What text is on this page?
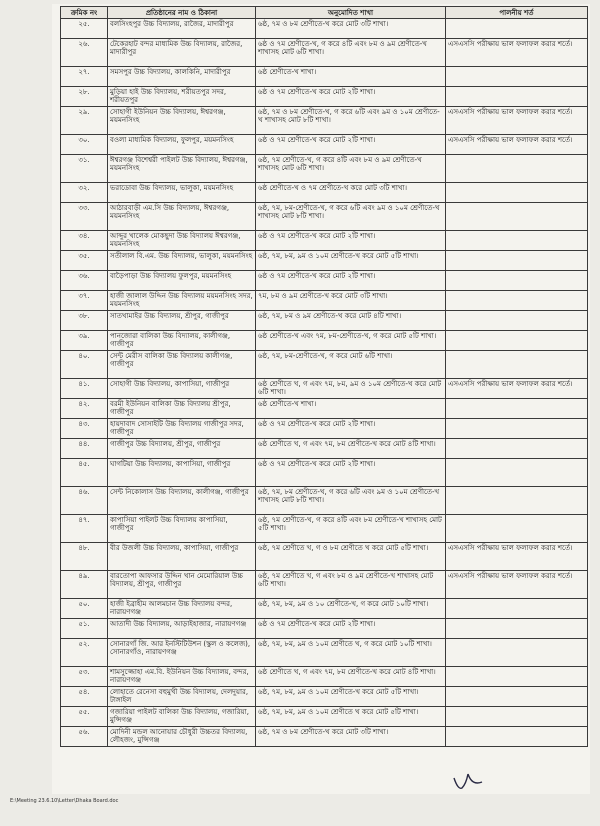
ক্রমিক নং	প্রতিষ্ঠানের নাম ও ঠিকানা	অনুমোদিত শাখা	পালনীয় শর্ত
২৫.	বলসিংহপুর উচ্চ বিদ্যালয়, রাজৈর, মাদারীপুর	৬ষ্ঠ, ৭ম ও ৮ম শ্রেণীতে-খ করে মোট ৩টি শাখা।	
২৬.	টেকেরহাট বন্দর মাধ্যমিক উচ্চ বিদ্যালয়, রাজৈর, মাদারীপুর	৬ষ্ঠ ও ৭ম শ্রেণীতে-খ, গ করে ৪টি এবং ৮ম ও ৯ম শ্রেণীতে-খ শাখাসহ মোট ৬টি শাখা।	এসএসসি পরীক্ষায় ভাল ফলাফল করার শর্তে।
২৭.	সমসপুর উচ্চ বিদ্যালয়, কালকিনি, মাদারীপুর	৬ষ্ঠ শ্রেণীতে-খ শাখা।	
২৮.	মুড়িয়া হাই উচ্চ বিদ্যালয়, শরীয়তপুর সদর, শরীয়তপুর	৬ষ্ঠ ও ৭ম শ্রেণীতে-খ করে মোট ২টি শাখা।	
২৯.	সোহাগী ইউনিয়ন উচ্চ বিদ্যালয়, ঈশ্বরগঞ্জ, ময়মনসিংহ	৬ষ্ঠ, ৭ম ও ৮ম শ্রেণীতে-খ, গ করে ৬টি এবং ৯ম ও ১০ম শ্রেণীতে-খ শাখাসহ মোট ৮টি শাখা।	এসএসসি পরীক্ষায় ভাল ফলাফল করার শর্তে।
৩০.	বওলা মাধ্যমিক বিদ্যালয়, ফুলপুর, ময়মনসিংহ	৬ষ্ঠ ও ৭ম শ্রেণীতে-খ করে মোট ২টি শাখা।	এসএসসি পরীক্ষায় ভাল ফলাফল করার শর্তে।
৩১.	ঈশ্বরগঞ্জ বিশেশ্বরী পাইলট উচ্চ বিদ্যালয়, ঈশ্বরগঞ্জ, ময়মনসিংহ	৬ষ্ঠ, ৭ম শ্রেণীতে-খ, গ করে ৪টি এবং ৮ম ও ৯ম শ্রেণীতে-খ শাখাসহ মোট ৬টি শাখা।	
৩২.	ভরাডোবা উচ্চ বিদ্যালয়, ভালুকা, ময়মনসিংহ	৬ষ্ঠ শ্রেণীতে-খ ও ৭ম শ্রেণীতে-খ করে মোট ৩টি শাখা।	
৩৩.	আঠারবাড়ী এম.সি উচ্চ বিদ্যালয়, ঈশ্বরগঞ্জ, ময়মনসিংহ	৬ষ্ঠ, ৭ম, ৮ম-শ্রেণীতে-খ, গ করে ৬টি এবং ৯ম ও ১০ম শ্রেণীতে-খ শাখাসহ মোট ৮টি শাখা।	
৩৪.	আব্দুর খালেক মোকছুদা উচ্চ বিদ্যালয় ঈশ্বরগঞ্জ, ময়মনসিংহ	৬ষ্ঠ ও ৭ম শ্রেণীতে-খ করে মোট ২টি শাখা।	
৩৫.	সতীলাল বি.এম. উচ্চ বিদ্যালয়, ভালুকা, ময়মনসিংহ	৬ষ্ঠ, ৭ম, ৮ম, ৯ম ও ১০ম শ্রেণীতে-খ করে মোট ৫টি শাখা।	
৩৬.	বাড়ৈপাড়া উচ্চ বিদ্যালয় ফুলপুর, ময়মনসিংহ	৬ষ্ঠ ও ৭ম শ্রেণীতে-খ করে মোট ২টি শাখা।	
৩৭.	হাজী জালাল উদ্দিন উচ্চ বিদ্যালয় ময়মনসিংহ সদর, ময়মনসিংহ	৭ম, ৮ম ও ৯ম শ্রেণীতে-খ করে মোট ৩টি শাখা।	
৩৮.	সাতখামাইর উচ্চ বিদ্যালয়, শ্রীপুর, গাজীপুর	৬ষ্ঠ, ৭ম, ৮ম ও ৯ম শ্রেণীতে-খ করে মোট ৪টি শাখা।	
৩৯.	পানজোরা বালিকা উচ্চ বিদ্যালয়, কালীগঞ্জ, গাজীপুর	৬ষ্ঠ শ্রেণীতে-খ এবং ৭ম, ৮ম-শ্রেণীতে-খ, গ করে মোট ৫টি শাখা।	
৪০.	সেন্ট মেরীস বালিকা উচ্চ বিদ্যালয় কালীগঞ্জ, গাজীপুর	৬ষ্ঠ, ৭ম, ৮ম-শ্রেণীতে-খ, গ করে মোট ৬টি শাখা।	
৪১.	সোহাগী উচ্চ বিদ্যালয়, কাপাসিয়া, গাজীপুর	৬ষ্ঠ শ্রেণীতে খ, গ এবং ৭ম, ৮ম, ৯ম ও ১০ম শ্রেণীতে-খ করে মোট ৬টি শাখা।	এসএসসি পরীক্ষায় ভাল ফলাফল করার শর্তে।
৪২.	বরমী ইউনিয়ন বালিকা উচ্চ বিদ্যালয় শ্রীপুর, গাজীপুর	৬ষ্ঠ শ্রেণীতে-খ শাখা।	
৪৩.	হায়দাবাদ সোসাইটি উচ্চ বিদ্যালয় গাজীপুর সদর, গাজীপুর	৬ষ্ঠ ও ৭ম শ্রেণীতে-খ করে মোট ২টি শাখা।	
৪৪.	গাজীপুর উচ্চ বিদ্যালয়, শ্রীপুর, গাজীপুর	৬ষ্ঠ শ্রেণীতে খ, গ এবং ৭ম, ৮ম শ্রেণীতে-খ করে মোট ৪টি শাখা।	
৪৫.	ঘাগটিয়া উচ্চ বিদ্যালয়, কাপাসিয়া, গাজীপুর	৬ষ্ঠ ও ৭ম শ্রেণীতে-খ করে মোট ২টি শাখা।	
৪৬.	সেন্ট নিকোলাস উচ্চ বিদ্যালয়, কালীগঞ্জ, গাজীপুর	৬ষ্ঠ, ৭ম, ৮ম শ্রেণীতে-খ, গ করে ৬টি এবং ৯ম ও ১০ম শ্রেণীতে-খ শাখাসহ মোট ৮টি শাখা।	
৪৭.	কাপাসিয়া পাইলট উচ্চ বিদ্যালয় কাপাসিয়া, গাজীপুর	৬ষ্ঠ, ৭ম শ্রেণীতে-খ, গ করে ৪টি এবং ৮ম শ্রেণীতে-খ শাখাসহ মোট ৫টি শাখা।	
৪৮.	বীর উজলী উচ্চ বিদ্যালয়, কাপাসিয়া, গাজীপুর	৬ষ্ঠ, ৭ম শ্রেণীতে খ, গ ও ৮ম শ্রেণীতে খ করে মোট ৫টি শাখা।	এসএসসি পরীক্ষায় ভাল ফলাফল করার শর্তে।
৪৯.	বারতোপা আফসার উদ্দিন খান মেমোরিয়াল উচ্চ বিদ্যালয়, শ্রীপুর, গাজীপুর	৬ষ্ঠ, ৭ম শ্রেণীতে খ, গ এবং ৮ম ও ৯ম শ্রেণীতে-খ শাখাসহ মোট ৬টি শাখা।	এসএসসি পরীক্ষায় ভাল ফলাফল করার শর্তে।
৫০.	হাজী ইব্রাহীম আলমচান উচ্চ বিদ্যালয় বন্দর, নারায়ণগঞ্জ	৬ষ্ঠ, ৭ম, ৮ম, ৯ম ও ১০ শ্রেণীতে-খ, গ করে মোট ১০টি শাখা।	
৫১.	আতাদী উচ্চ বিদ্যালয়, আড়াইহাজার, নারায়ণগঞ্জ	৬ষ্ঠ ও ৭ম শ্রেণীতে-খ করে মোট ২টি শাখা।	
৫২.	সোনারগাঁ জি. আর ইনস্টিটিউশন (স্কুল ও কলেজ), সোনারগাঁও, নারায়ণগঞ্জ	৬ষ্ঠ, ৭ম, ৮ম, ৯ম ও ১০ম শ্রেণীতে খ, গ করে মোট ১০টি শাখা।	
৫৩.	শামসুজ্জোহা এম.বি. ইউনিয়ন উচ্চ বিদ্যালয়, বন্দর, নারায়ণগঞ্জ	৬ষ্ঠ শ্রেণীতে খ, গ এবং ৭ম, ৮ম শ্রেণীতে-খ করে মোট ৪টি শাখা।	
৫৪.	লোহাতে রেনেসা বহুমুখী উচ্চ বিদ্যালয়, দেলদুয়ার, টাঙ্গাইল	৬ষ্ঠ, ৭ম, ৮ম, ৯ম ও ১০ম শ্রেণীতে-খ করে মোট ৫টি শাখা।	
৫৫.	গজারিয়া পাইলট বালিকা উচ্চ বিদ্যালয়, গজারিয়া, মুন্সিগঞ্জ	৬ষ্ঠ, ৭ম, ৮ম, ৯ম ও ১০ম শ্রেণীতে খ করে মোট ৫টি শাখা।	
৫৬.	মোদিনী মন্ডল আনোয়ার চৌধুরী উচ্চতর বিদ্যালয়, লৌহজং, মুন্সিগঞ্জ	৬ষ্ঠ, ৭ম ও ৮ম শ্রেণীতে-খ করে মোট ৩টি শাখা।	
E:\Meeting 23.6.10\Letter\Dhaka Board.doc
